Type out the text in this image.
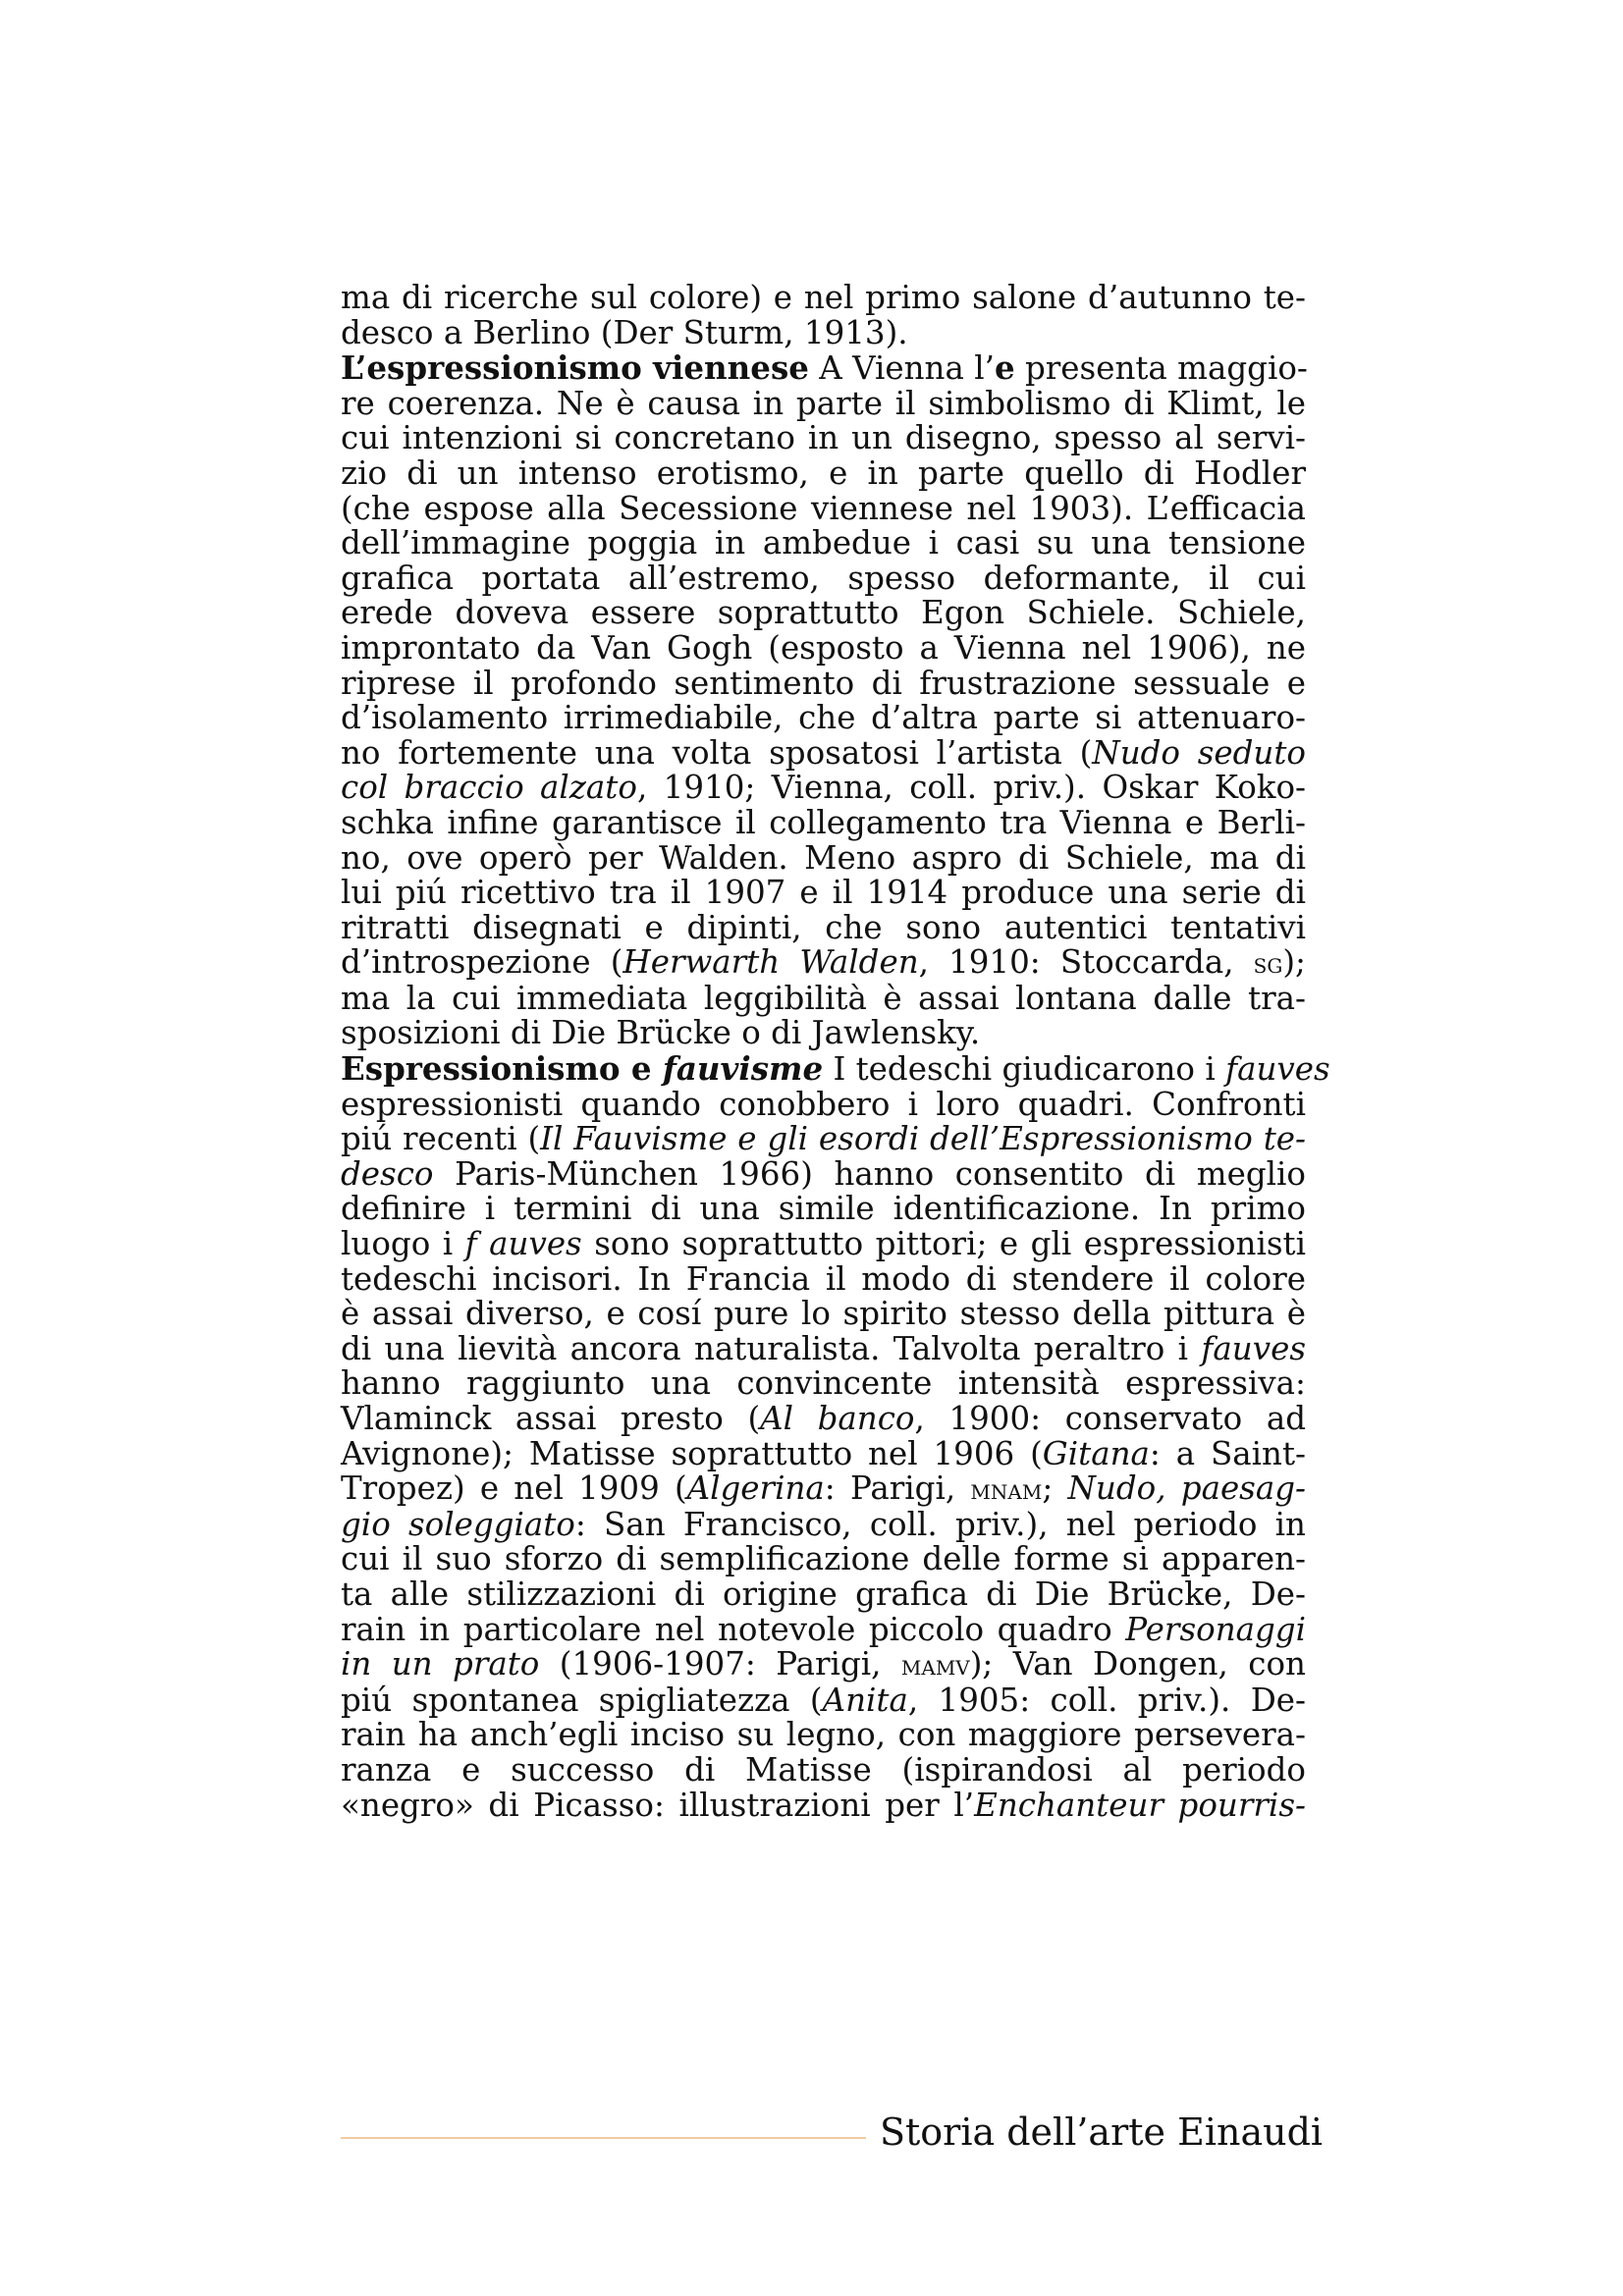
ma di ricerche sul colore) e nel primo salone d’autunno te-
desco a Berlino (Der Sturm, 1913).
L’espressionismo viennese A Vienna l’e presenta maggio-
re coerenza. Ne è causa in parte il simbolismo di Klimt, le
cui intenzioni si concretano in un disegno, spesso al servi-
zio di un intenso erotismo, e in parte quello di Hodler
(che espose alla Secessione viennese nel 1903). L’efficacia
dell’immagine poggia in ambedue i casi su una tensione
grafica portata all’estremo, spesso deformante, il cui
erede doveva essere soprattutto Egon Schiele. Schiele,
improntato da Van Gogh (esposto a Vienna nel 1906), ne
riprese il profondo sentimento di frustrazione sessuale e
d’isolamento irrimediabile, che d’altra parte si attenuaro-
no fortemente una volta sposatosi l’artista (Nudo seduto
col braccio alzato, 1910; Vienna, coll. priv.). Oskar Koko-
schka infine garantisce il collegamento tra Vienna e Berli-
no, ove operò per Walden. Meno aspro di Schiele, ma di
lui piú ricettivo tra il 1907 e il 1914 produce una serie di
ritratti disegnati e dipinti, che sono autentici tentativi
d’introspezione (Herwarth Walden, 1910: Stoccarda, sg);
ma la cui immediata leggibilità è assai lontana dalle tra-
sposizioni di Die Brücke o di Jawlensky.
Espressionismo e fauvisme I tedeschi giudicarono i fauves
espressionisti quando conobbero i loro quadri. Confronti
piú recenti (Il Fauvisme e gli esordi dell’Espressionismo te-
desco Paris-München 1966) hanno consentito di meglio
definire i termini di una simile identificazione. In primo
luogo i f auves sono soprattutto pittori; e gli espressionisti
tedeschi incisori. In Francia il modo di stendere il colore
è assai diverso, e cosí pure lo spirito stesso della pittura è
di una lievità ancora naturalista. Talvolta peraltro i fauves
hanno raggiunto una convincente intensità espressiva:
Vlaminck assai presto (Al banco, 1900: conservato ad
Avignone); Matisse soprattutto nel 1906 (Gitana: a Saint-
Tropez) e nel 1909 (Algerina: Parigi, mnam; Nudo, paesag-
gio soleggiato: San Francisco, coll. priv.), nel periodo in
cui il suo sforzo di semplificazione delle forme si apparen-
ta alle stilizzazioni di origine grafica di Die Brücke, De-
rain in particolare nel notevole piccolo quadro Personaggi
in un prato (1906-1907: Parigi, mamv); Van Dongen, con
piú spontanea spigliatezza (Anita, 1905: coll. priv.). De-
rain ha anch’egli inciso su legno, con maggiore persevera-
ranza e successo di Matisse (ispirandosi al periodo
«negro» di Picasso: illustrazioni per l’Enchanteur pourris-
Storia dell’arte Einaudi
